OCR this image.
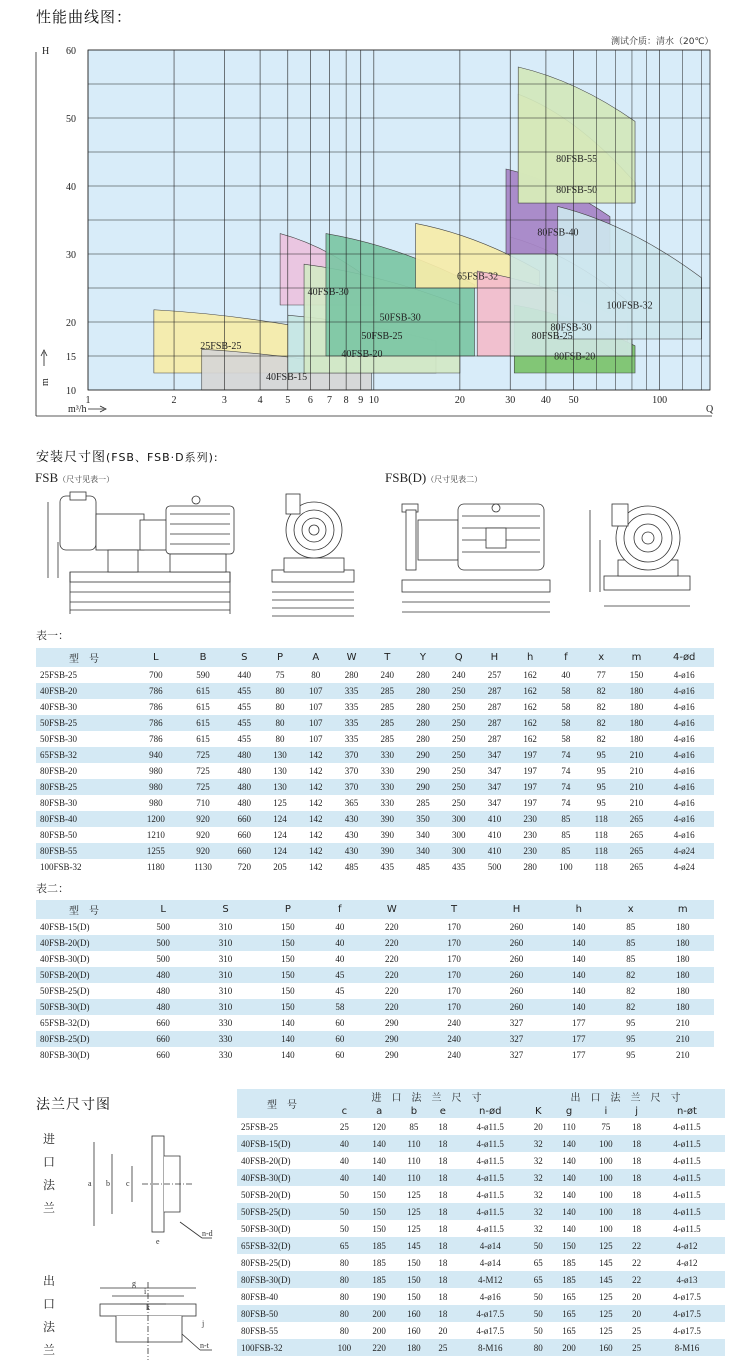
性能曲线图：
测试介质：清水（20℃）
25FSB-25
40FSB-15
40FSB-20
40FSB-30
50FSB-25
50FSB-30
65FSB-32
80FSB-25
80FSB-20
80FSB-30
80FSB-40
80FSB-50
80FSB-55
100FSB-32
1	2	3	4 5 6 7 8 9 10	20	30	40 50	100
10
15
20
30
40
50
60
H
m
Q
m³/h
安装尺寸图(FSB、FSB·D系列):
FSB（尺寸见表一）	FSB(D)（尺寸见表二）
表一：
型　号	L	B	S	P	A	W	T	Y	Q	H	h	f	x	m	4-ød
25FSB-25	700	590	440	75	80	280	240	280	240	257	162	40	77	150	4-ø16
40FSB-20	786	615	455	80	107	335	285	280	250	287	162	58	82	180	4-ø16
40FSB-30	786	615	455	80	107	335	285	280	250	287	162	58	82	180	4-ø16
50FSB-25	786	615	455	80	107	335	285	280	250	287	162	58	82	180	4-ø16
50FSB-30	786	615	455	80	107	335	285	280	250	287	162	58	82	180	4-ø16
65FSB-32	940	725	480	130	142	370	330	290	250	347	197	74	95	210	4-ø16
80FSB-20	980	725	480	130	142	370	330	290	250	347	197	74	95	210	4-ø16
80FSB-25	980	725	480	130	142	370	330	290	250	347	197	74	95	210	4-ø16
80FSB-30	980	710	480	125	142	365	330	285	250	347	197	74	95	210	4-ø16
80FSB-40	1200	920	660	124	142	430	390	350	300	410	230	85	118	265	4-ø16
80FSB-50	1210	920	660	124	142	430	390	340	300	410	230	85	118	265	4-ø16
80FSB-55	1255	920	660	124	142	430	390	340	300	410	230	85	118	265	4-ø24
100FSB-32	1180	1130	720	205	142	485	435	485	435	500	280	100	118	265	4-ø24
表二：
型　号	L	S	P	f	W	T	H	h	x	m
40FSB-15(D)	500	310	150	40	220	170	260	140	85	180
40FSB-20(D)	500	310	150	40	220	170	260	140	85	180
40FSB-30(D)	500	310	150	40	220	170	260	140	85	180
50FSB-20(D)	480	310	150	45	220	170	260	140	82	180
50FSB-25(D)	480	310	150	45	220	170	260	140	82	180
50FSB-30(D)	480	310	150	58	220	170	260	140	82	180
65FSB-32(D)	660	330	140	60	290	240	327	177	95	210
80FSB-25(D)	660	330	140	60	290	240	327	177	95	210
80FSB-30(D)	660	330	140	60	290	240	327	177	95	210
法兰尺寸图
进
口
法
兰
出
口
法
兰
a b c
e
n-d
g
i
k
j
n-t
型　号	进　口　法　兰　尺　寸					出　口　法　兰　尺　寸				
	c	a	b	e	n-ød	K	g	i	j	n-øt
25FSB-25	25	120	85	18	4-ø11.5	20	110	75	18	4-ø11.5
40FSB-15(D)	40	140	110	18	4-ø11.5	32	140	100	18	4-ø11.5
40FSB-20(D)	40	140	110	18	4-ø11.5	32	140	100	18	4-ø11.5
40FSB-30(D)	40	140	110	18	4-ø11.5	32	140	100	18	4-ø11.5
50FSB-20(D)	50	150	125	18	4-ø11.5	32	140	100	18	4-ø11.5
50FSB-25(D)	50	150	125	18	4-ø11.5	32	140	100	18	4-ø11.5
50FSB-30(D)	50	150	125	18	4-ø11.5	32	140	100	18	4-ø11.5
65FSB-32(D)	65	185	145	18	4-ø14	50	150	125	22	4-ø12
80FSB-25(D)	80	185	150	18	4-ø14	65	185	145	22	4-ø12
80FSB-30(D)	80	185	150	18	4-M12	65	185	145	22	4-ø13
80FSB-40	80	190	150	18	4-ø16	50	165	125	20	4-ø17.5
80FSB-50	80	200	160	18	4-ø17.5	50	165	125	20	4-ø17.5
80FSB-55	80	200	160	20	4-ø17.5	50	165	125	25	4-ø17.5
100FSB-32	100	220	180	25	8-M16	80	200	160	25	8-M16
